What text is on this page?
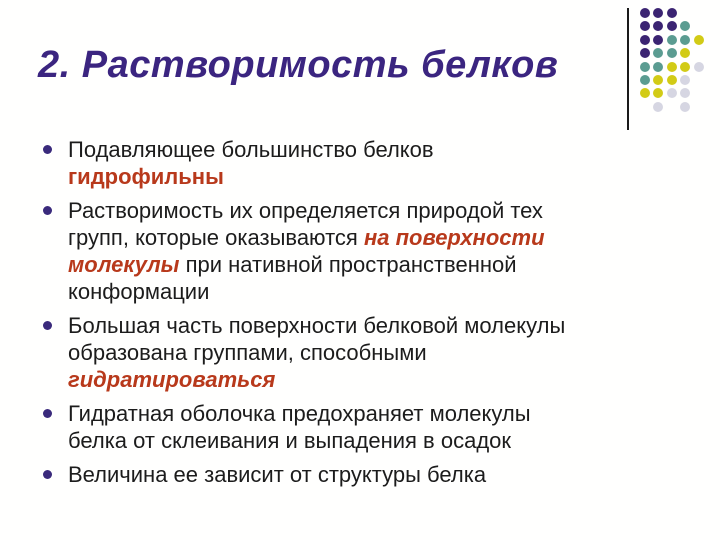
2. Растворимость белков
Подавляющее большинство белков
гидрофильны
Растворимость их определяется природой тех
групп, которые оказываются на поверхности
молекулы при нативной пространственной
конформации
Большая часть поверхности белковой молекулы
образована группами, способными
гидратироваться
Гидратная оболочка предохраняет молекулы
белка от склеивания и выпадения в осадок
Величина ее зависит от структуры белка
